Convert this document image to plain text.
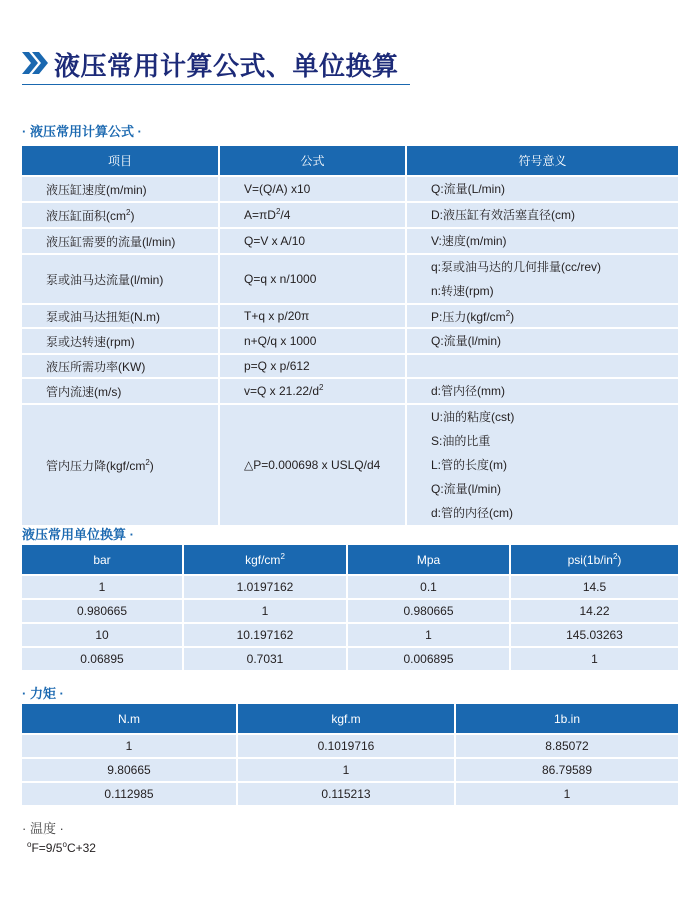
液压常用计算公式、单位换算
· 液压常用计算公式 ·
项目	公式	符号意义
液压缸速度(m/min)	V=(Q/A) x10	Q:流量(L/min)

液压缸面积$(cm^2)$	$A=\pi D^2/4$	D:液压缸有效活塞直径(cm)

液压缸需要的流量(l/min)	Q=V x A/10	V:速度(m/min)

泵或油马达流量(l/min)	Q=q x n/1000	q:泵或油马达的几何排量(cc/rev)
n:转速(rpm)

泵或油马达扭矩(N.m)	T+q x p/20π	P:压力$(kgf/cm^2)$
泵或达转速(rpm)	n+Q/q x 1000	Q:流量(l/min)

液压所需功率(KW)	p=Q x p/612	
管内流速(m/s)	v=Q x $21.22/d^2$	d:管内径(mm)

管内压力降$(kgf/cm^2)$	△P=0.000698 x USLQ/d4	U:油的粘度(cst)
S:油的比重
L:管的长度(m)
Q:流量(l/min)
d:管的内径(cm)
液压常用单位换算 ·
bar	kgf/$cm^2$	Mpa	$psi(1b/in^2)$
1	1.0197162	0.1	14.5
0.980665	1	0.980665	14.22
10	10.197162	1	145.03263
0.06895	0.7031	0.006895	1
· 力矩 ·
N.m	kgf.m	1b.in
1	0.1019716	8.85072
9.80665	1	86.79589
0.112985	0.115213	1
· 温度 ·
$^oF=9/5^oC+32$
